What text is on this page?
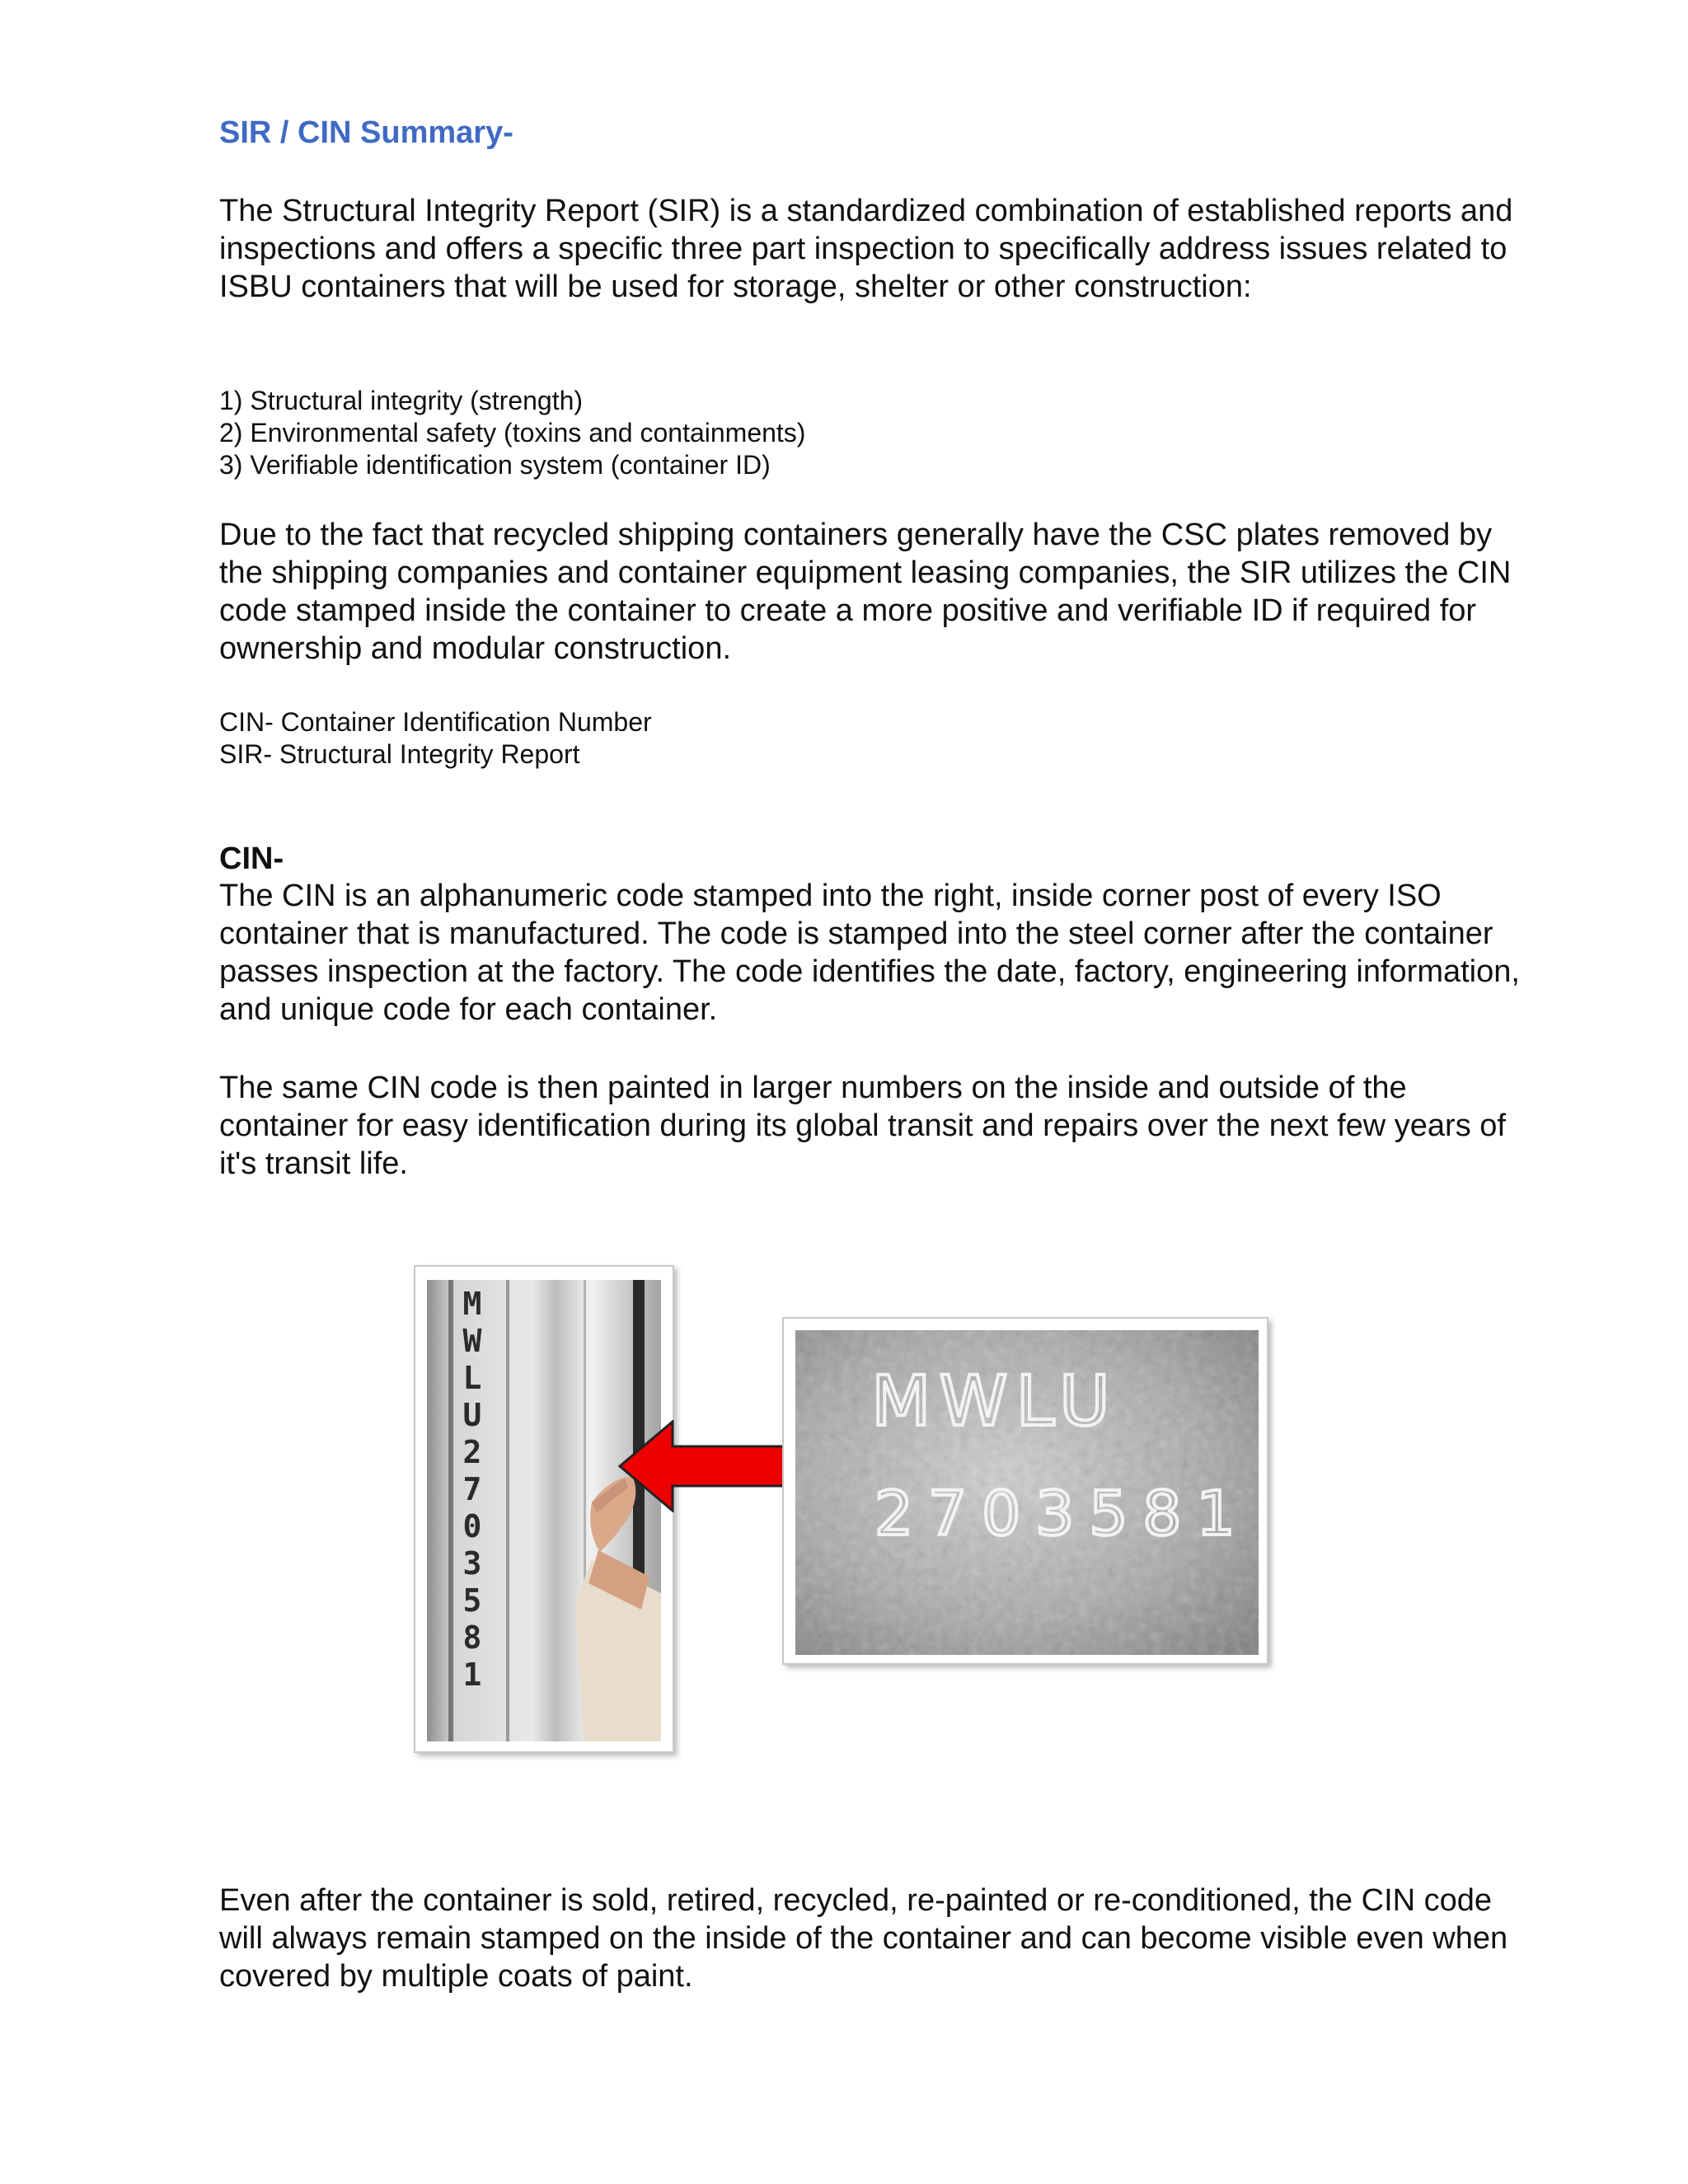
SIR / CIN Summary-

The Structural Integrity Report (SIR) is a standardized combination of established reports and inspections and offers a specific three part inspection to specifically address issues related to ISBU containers that will be used for storage, shelter or other construction:

1) Structural integrity (strength)
2) Environmental safety (toxins and containments)
3) Verifiable identification system (container ID)

Due to the fact that recycled shipping containers generally have the CSC plates removed by the shipping companies and container equipment leasing companies, the SIR utilizes the CIN code stamped inside the container to create a more positive and verifiable ID if required for ownership and modular construction.

CIN- Container Identification Number
SIR- Structural Integrity Report
CIN-

The CIN is an alphanumeric code stamped into the right, inside corner post of every ISO container that is manufactured. The code is stamped into the steel corner after the container passes inspection at the factory. The code identifies the date, factory, engineering information, and unique code for each container.

The same CIN code is then painted in larger numbers on the inside and outside of the container for easy identification during its global transit and repairs over the next few years of it's transit life.

M W L U 2 7 0 3 5 8 1
MWLU
2703581

Even after the container is sold, retired, recycled, re-painted or re-conditioned, the CIN code will always remain stamped on the inside of the container and can become visible even when covered by multiple coats of paint.
